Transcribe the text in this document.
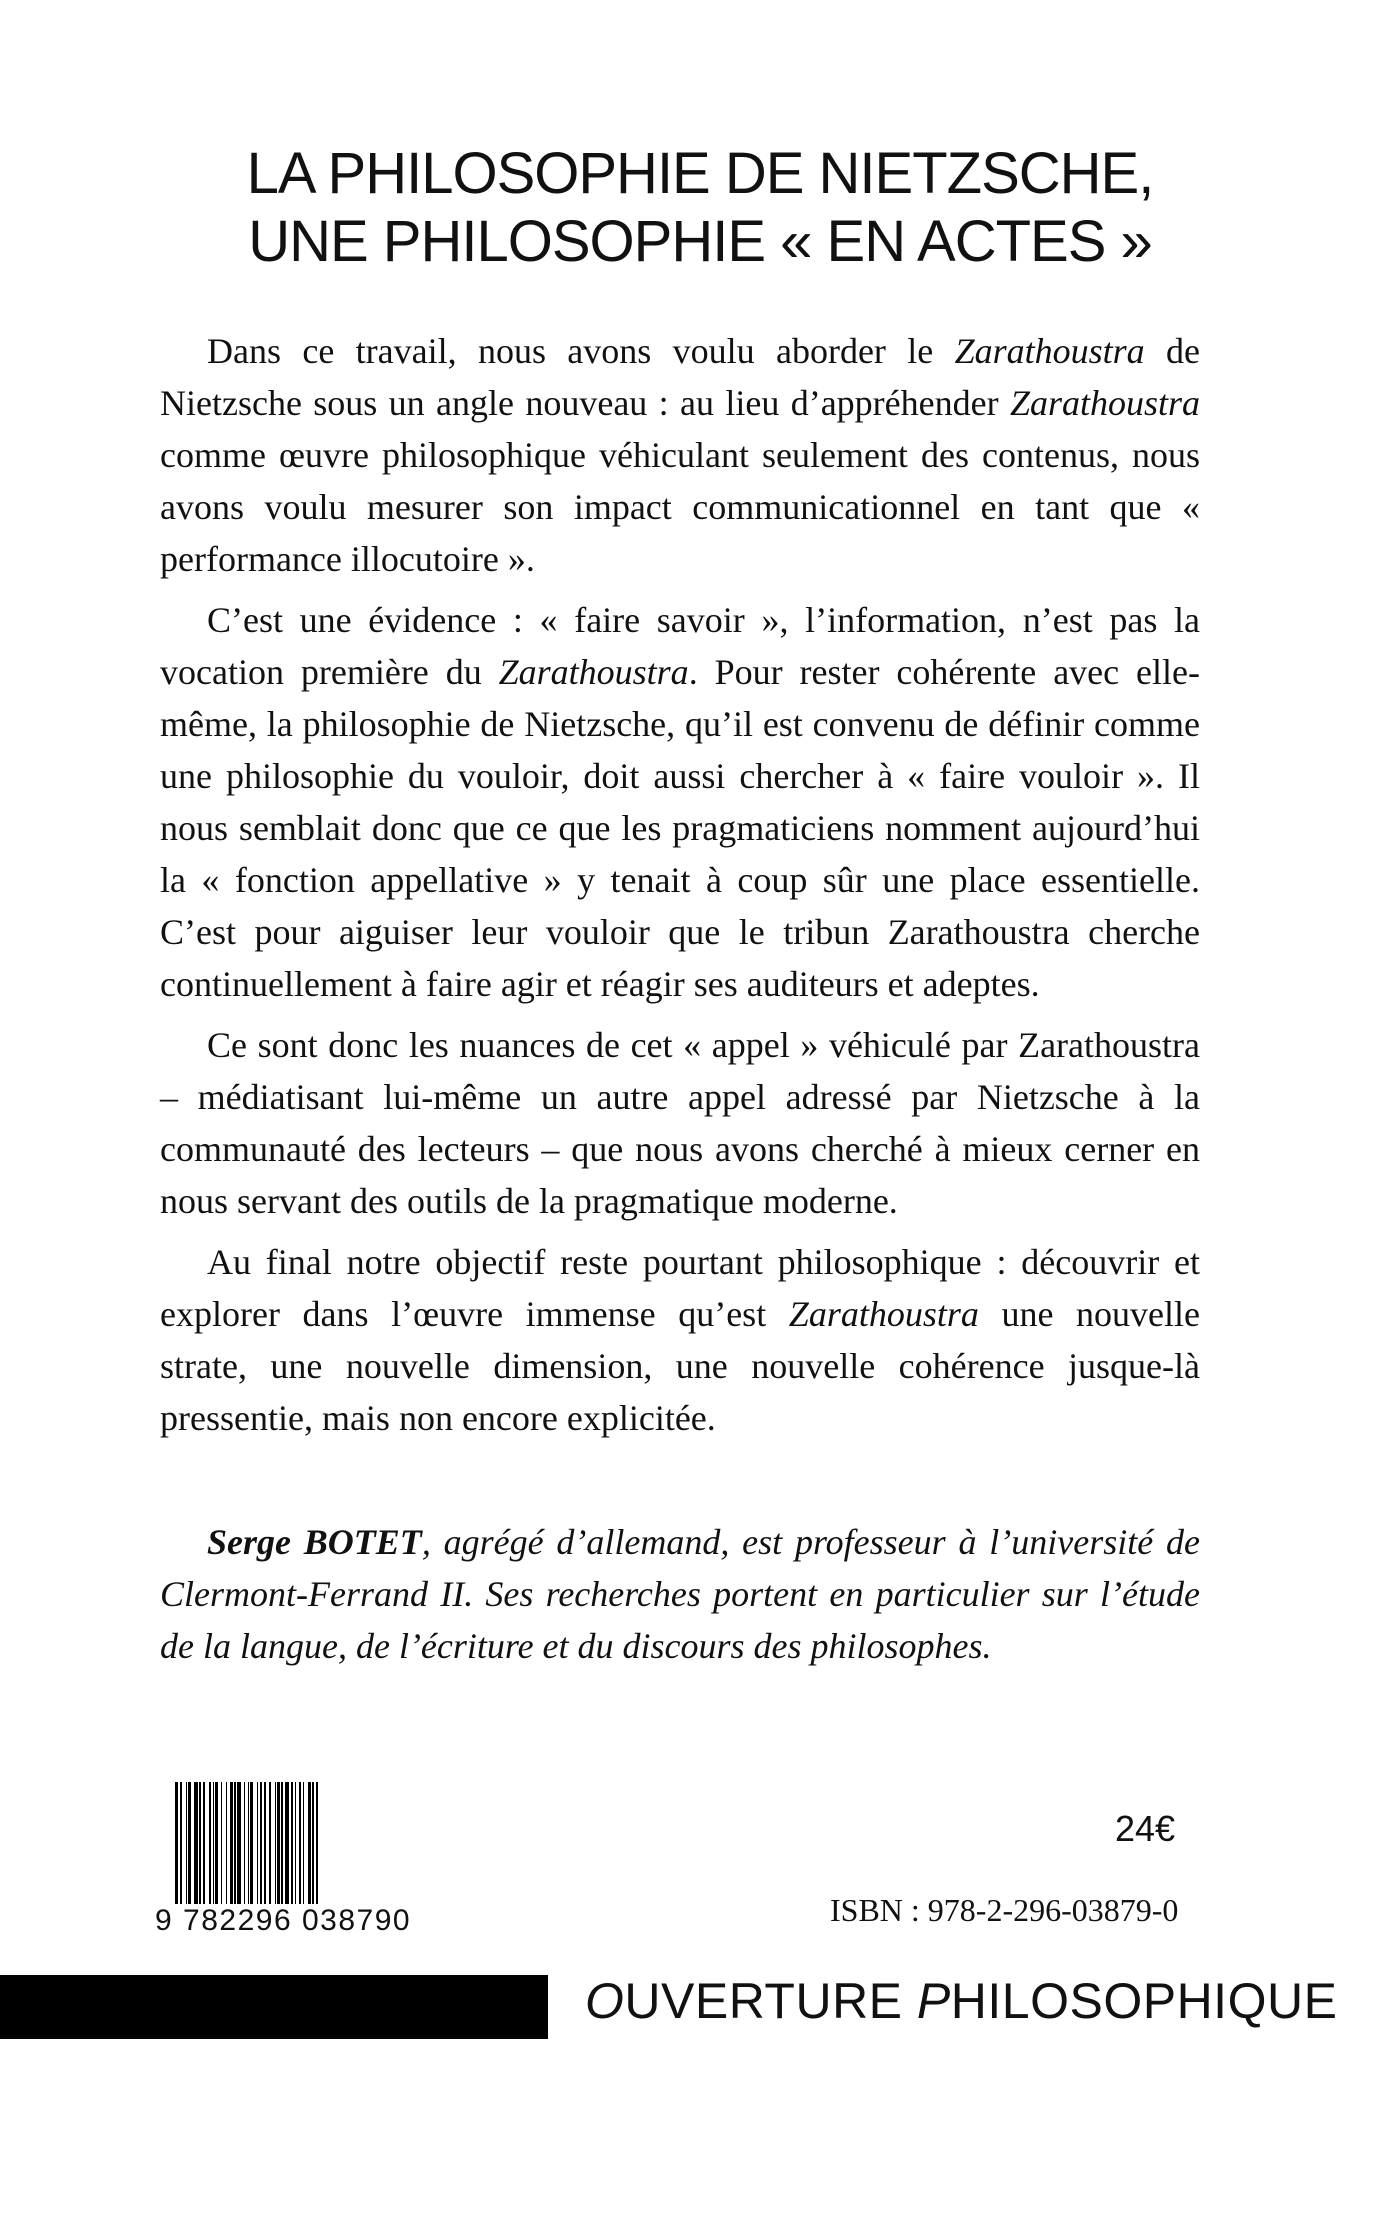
LA PHILOSOPHIE DE NIETZSCHE,
UNE PHILOSOPHIE « EN ACTES »

Dans ce travail, nous avons voulu aborder le Zarathoustra de Nietzsche sous un angle nouveau : au lieu d’appréhender Zarathoustra comme œuvre philosophique véhiculant seulement des contenus, nous avons voulu mesurer son impact communicationnel en tant que « performance illocutoire ».

C’est une évidence : « faire savoir », l’information, n’est pas la vocation première du Zarathoustra. Pour rester cohérente avec elle-même, la philosophie de Nietzsche, qu’il est convenu de définir comme une philosophie du vouloir, doit aussi chercher à « faire vouloir ». Il nous semblait donc que ce que les pragmaticiens nomment aujourd’hui la « fonction appellative » y tenait à coup sûr une place essentielle. C’est pour aiguiser leur vouloir que le tribun Zarathoustra cherche continuellement à faire agir et réagir ses auditeurs et adeptes.

Ce sont donc les nuances de cet « appel » véhiculé par Zarathoustra – médiatisant lui-même un autre appel adressé par Nietzsche à la communauté des lecteurs – que nous avons cherché à mieux cerner en nous servant des outils de la pragmatique moderne.

Au final notre objectif reste pourtant philosophique : découvrir et explorer dans l’œuvre immense qu’est Zarathoustra une nouvelle strate, une nouvelle dimension, une nouvelle cohérence jusque-là pressentie, mais non encore explicitée.

Serge BOTET, agrégé d’allemand, est professeur à l’université de Clermont-Ferrand II. Ses recherches portent en particulier sur l’étude de la langue, de l’écriture et du discours des philosophes.

9 782296 038790

24€

ISBN : 978-2-296-03879-0

OUVERTURE PHILOSOPHIQUE
